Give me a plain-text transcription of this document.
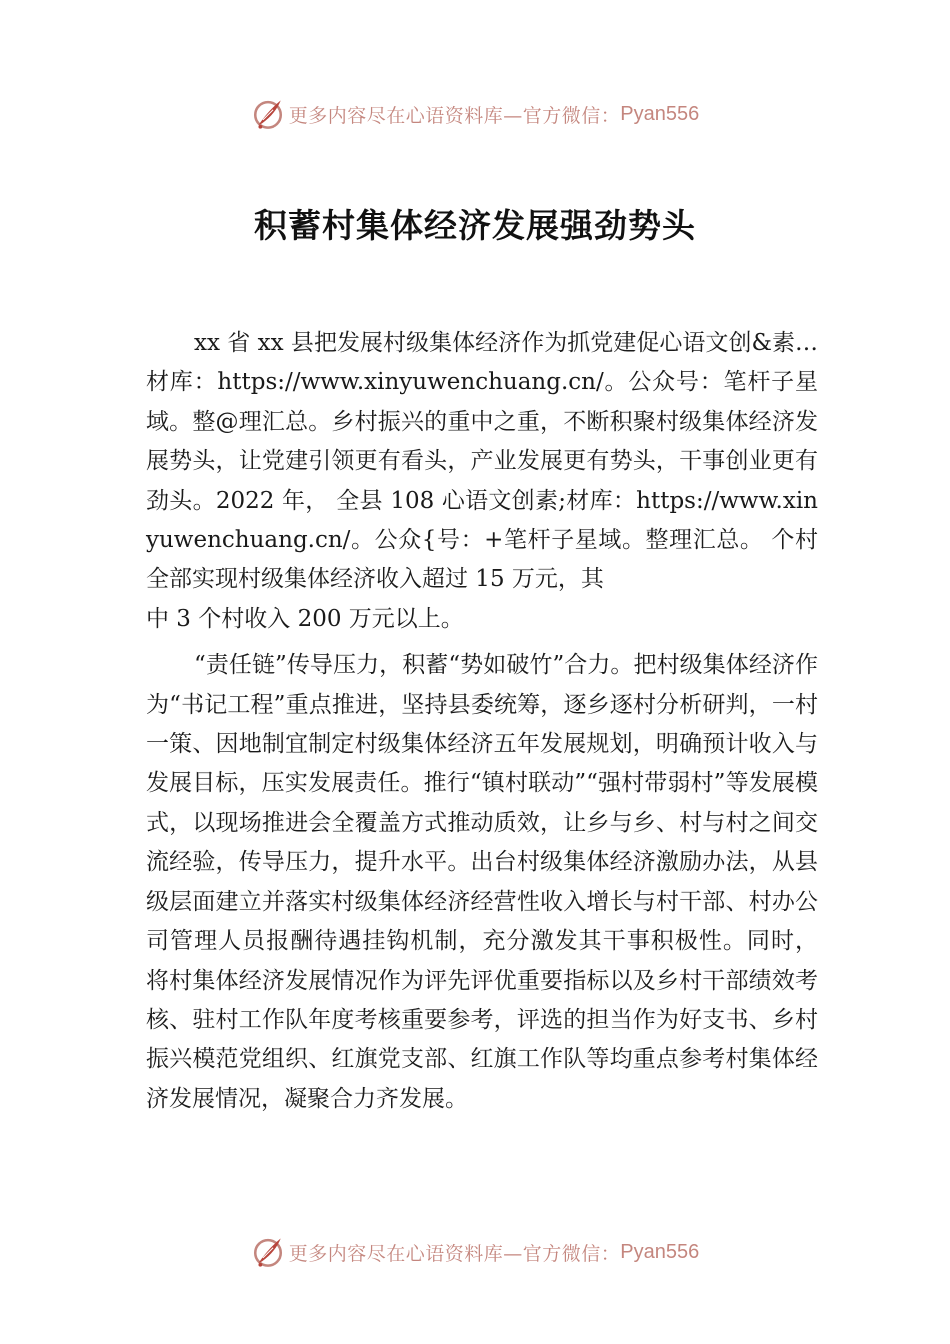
更多内容尽在心语资料库—官方微信： Pyan556
积蓄村集体经济发展强劲势头

xx 省 xx 县把发展村级集体经济作为抓党建促心语文创&素…材库：https://www.xinyuwenchuang.cn/。公众号：笔杆子星域。整@理汇总。乡村振兴的重中之重，不断积聚村级集体经济发展势头，让党建引领更有看头，产业发展更有势头，干事创业更有劲头。2022 年， 全县 108 心语文创素;材库：https://www.xinyuwenchuang.cn/。公众{号：+笔杆子星域。整理汇总。 个村全部实现村级集体经济收入超过 15 万元，其

中 3 个村收入 200 万元以上。

“责任链”传导压力，积蓄“势如破竹”合力。把村级集体经济作为“书记工程”重点推进，坚持县委统筹，逐乡逐村分析研判，一村一策、因地制宜制定村级集体经济五年发展规划，明确预计收入与发展目标，压实发展责任。推行“镇村联动”“强村带弱村”等发展模式，以现场推进会全覆盖方式推动质效，让乡与乡、村与村之间交流经验，传导压力，提升水平。出台村级集体经济激励办法，从县级层面建立并落实村级集体经济经营性收入增长与村干部、村办公司管理人员报酬待遇挂钩机制，充分激发其干事积极性。同时， 将村集体经济发展情况作为评先评优重要指标以及乡村干部绩效考核、驻村工作队年度考核重要参考，评选的担当作为好支书、乡村振兴模范党组织、红旗党支部、红旗工作队等均重点参考村集体经济发展情况，凝聚合力齐发展。

更多内容尽在心语资料库—官方微信： Pyan556
